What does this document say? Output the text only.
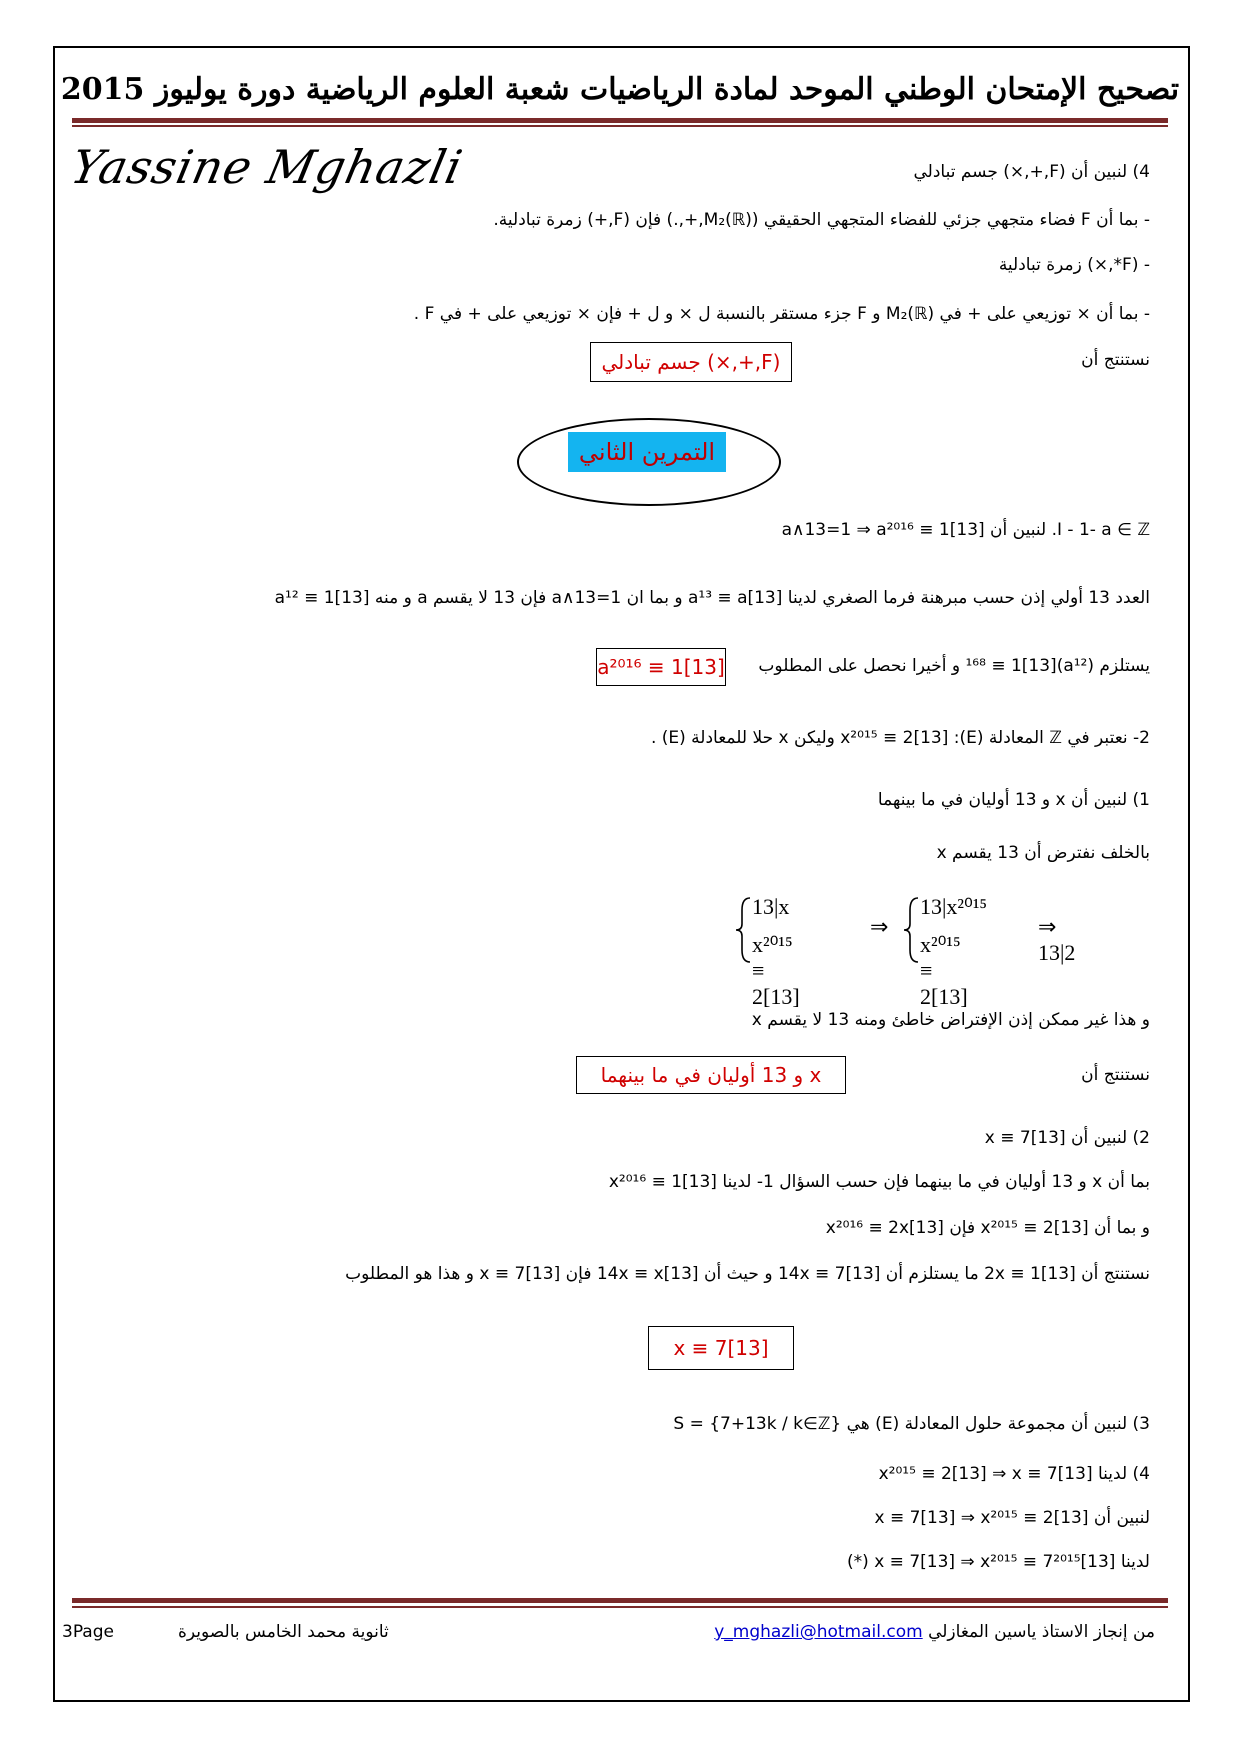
تصحيح الإمتحان الوطني الموحد لمادة الرياضيات شعبة العلوم الرياضية دورة يوليوز 2015
Yassine Mghazli	4) لنبين أن (F,+,×) جسم تبادلي
- بما أن F فضاء متجهي جزئي للفضاء المتجهي الحقيقي (M₂(ℝ),+,.) فإن (F,+) زمرة تبادلية.
- (F*,×) زمرة تبادلية
- بما أن × توزيعي على + في M₂(ℝ) و F جزء مستقر بالنسبة ل × و ل + فإن × توزيعي على + في F .
نستنتج أن
(F,+,×) جسم تبادلي
التمرين الثاني
I - 1- a ∈ ℤ. لنبين أن a∧13=1 ⇒ a²⁰¹⁶ ≡ 1[13]
العدد 13 أولي إذن حسب مبرهنة فرما الصغري لدينا a¹³ ≡ a[13] و بما ان a∧13=1 فإن 13 لا يقسم a و منه a¹² ≡ 1[13]
يستلزم (a¹²)¹⁶⁸ ≡ 1[13] و أخيرا نحصل على المطلوب
a²⁰¹⁶ ≡ 1[13]
2- نعتبر في ℤ المعادلة (E): x²⁰¹⁵ ≡ 2[13] وليكن x حلا للمعادلة (E) .
1) لنبين أن x و 13 أوليان في ما بينهما
بالخلف نفترض أن 13 يقسم x
13|x
x²⁰¹⁵ ≡ 2[13]
⇒
13|x²⁰¹⁵
x²⁰¹⁵ ≡ 2[13]
⇒ 13|2
و هذا غير ممكن إذن الإفتراض خاطئ ومنه 13 لا يقسم x
نستنتج أن
x و 13 أوليان في ما بينهما
2) لنبين أن x ≡ 7[13]
بما أن x و 13 أوليان في ما بينهما فإن حسب السؤال 1- لدينا x²⁰¹⁶ ≡ 1[13]
و بما أن x²⁰¹⁵ ≡ 2[13] فإن x²⁰¹⁶ ≡ 2x[13]
نستنتج أن 2x ≡ 1[13] ما يستلزم أن 14x ≡ 7[13] و حيث أن 14x ≡ x[13] فإن x ≡ 7[13] و هذا هو المطلوب
x ≡ 7[13]
3) لنبين أن مجموعة حلول المعادلة (E) هي S = {7+13k / k∈ℤ}
4) لدينا x²⁰¹⁵ ≡ 2[13] ⇒ x ≡ 7[13]
لنبين أن x ≡ 7[13] ⇒ x²⁰¹⁵ ≡ 2[13]
لدينا x ≡ 7[13] ⇒ x²⁰¹⁵ ≡ 7²⁰¹⁵[13] (*)
3Page	ثانوية محمد الخامس بالصويرة	من إنجاز الاستاذ ياسين المغازلي y_mghazli@hotmail.com
